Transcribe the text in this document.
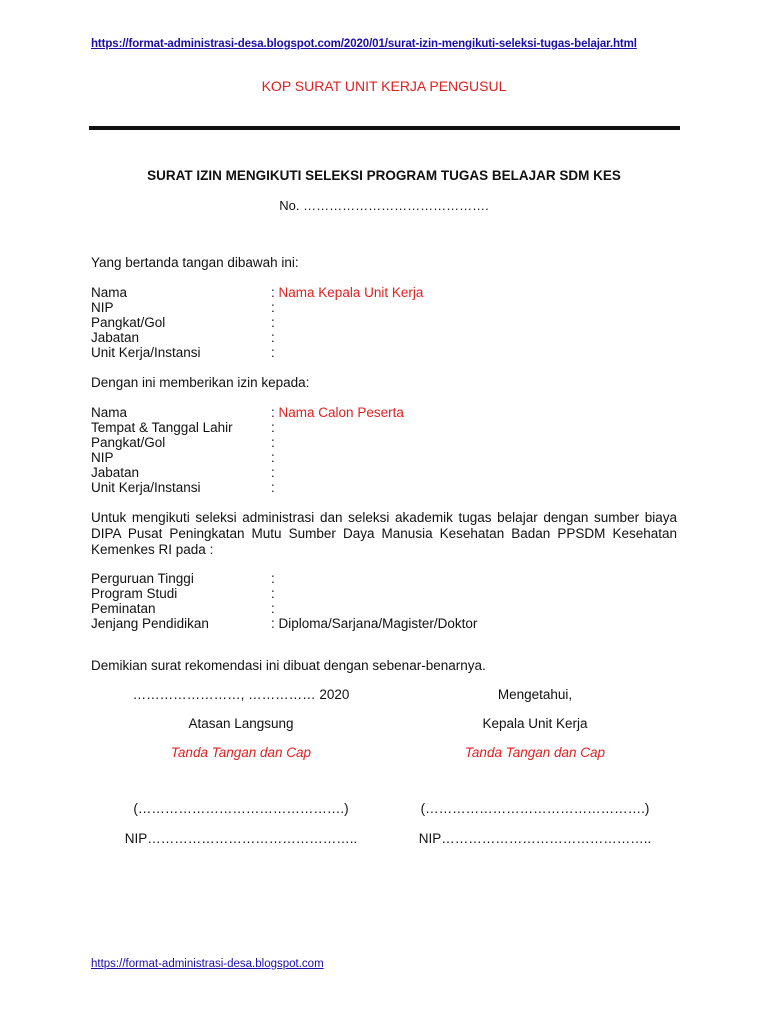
https://format-administrasi-desa.blogspot.com/2020/01/surat-izin-mengikuti-seleksi-tugas-belajar.html
KOP SURAT UNIT KERJA PENGUSUL
SURAT IZIN MENGIKUTI SELEKSI PROGRAM TUGAS BELAJAR SDM KES
No. …………………………………….
Yang bertanda tangan dibawah ini:
Nama	: Nama Kepala Unit Kerja
NIP	:
Pangkat/Gol	:
Jabatan	:
Unit Kerja/Instansi	:
Dengan ini memberikan izin kepada:
Nama	: Nama Calon Peserta
Tempat & Tanggal Lahir	:
Pangkat/Gol	:
NIP	:
Jabatan	:
Unit Kerja/Instansi	:
Untuk mengikuti seleksi administrasi dan seleksi akademik tugas belajar dengan sumber biaya DIPA Pusat Peningkatan Mutu Sumber Daya Manusia Kesehatan Badan PPSDM Kesehatan Kemenkes RI pada :
Perguruan Tinggi	:
Program Studi	:
Peminatan	:
Jenjang Pendidikan	: Diploma/Sarjana/Magister/Doktor
Demikian surat rekomendasi ini dibuat dengan sebenar-benarnya.
……………………, …………… 2020
Atasan Langsung
Tanda Tangan dan Cap
(……………………………………….)
NIP………………………………………..
Mengetahui,
Kepala Unit Kerja
Tanda Tangan dan Cap
(………………………………………….)
NIP………………………………………..
https://format-administrasi-desa.blogspot.com
